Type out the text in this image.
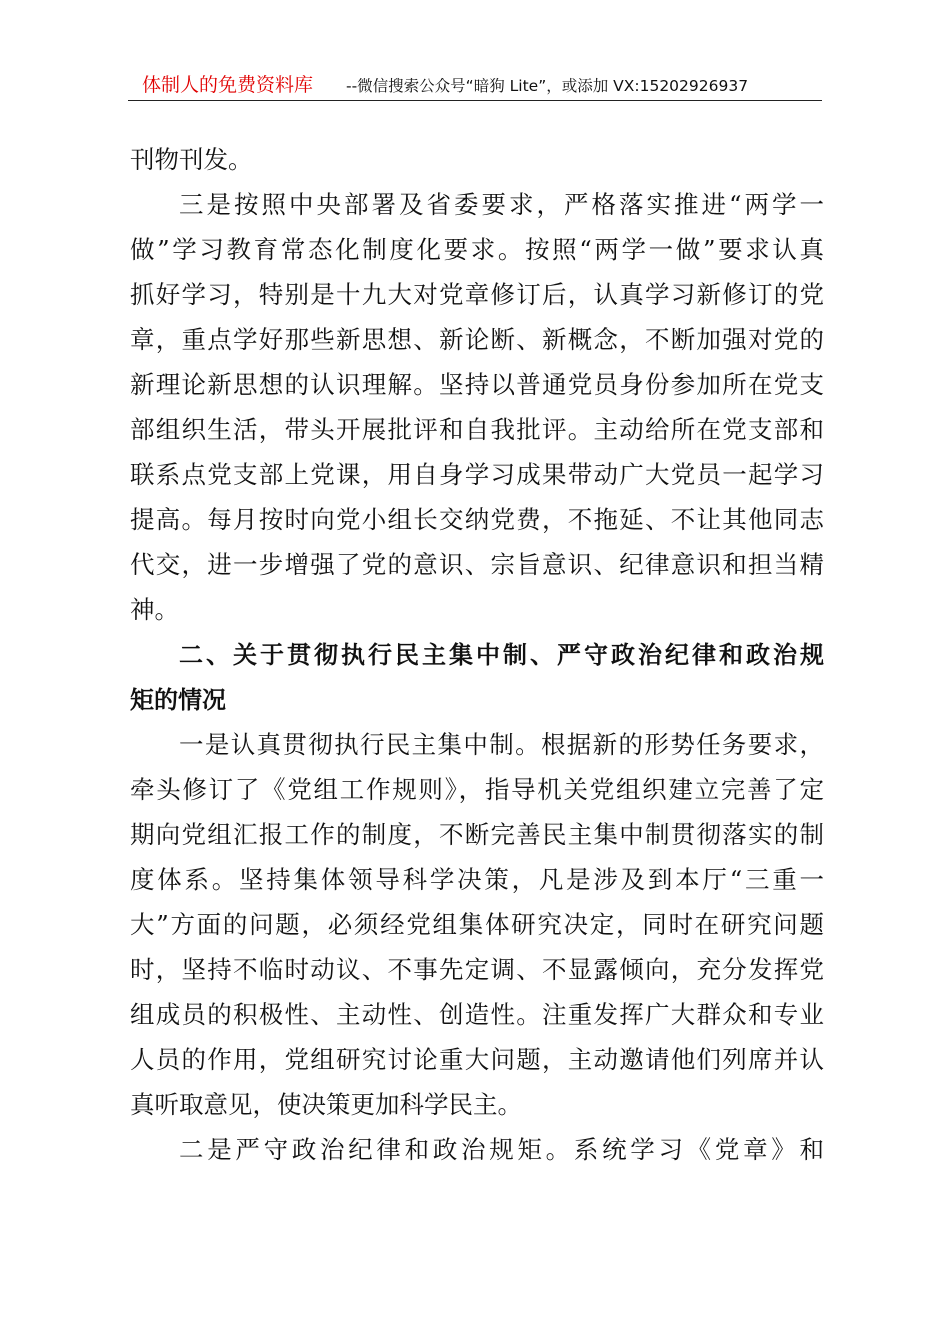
体制人的免费资料库 --微信搜索公众号“暗狗 Lite”，或添加 VX:15202926937
刊物刊发。
三是按照中央部署及省委要求，严格落实推进“两学一
做”学习教育常态化制度化要求。按照“两学一做”要求认真
抓好学习，特别是十九大对党章修订后，认真学习新修订的党
章，重点学好那些新思想、新论断、新概念，不断加强对党的
新理论新思想的认识理解。坚持以普通党员身份参加所在党支
部组织生活，带头开展批评和自我批评。主动给所在党支部和
联系点党支部上党课，用自身学习成果带动广大党员一起学习
提高。每月按时向党小组长交纳党费，不拖延、不让其他同志
代交，进一步增强了党的意识、宗旨意识、纪律意识和担当精
神。
二、关于贯彻执行民主集中制、严守政治纪律和政治规
矩的情况
一是认真贯彻执行民主集中制。根据新的形势任务要求，
牵头修订了《党组工作规则》，指导机关党组织建立完善了定
期向党组汇报工作的制度，不断完善民主集中制贯彻落实的制
度体系。坚持集体领导科学决策，凡是涉及到本厅“三重一
大”方面的问题，必须经党组集体研究决定，同时在研究问题
时，坚持不临时动议、不事先定调、不显露倾向，充分发挥党
组成员的积极性、主动性、创造性。注重发挥广大群众和专业
人员的作用，党组研究讨论重大问题，主动邀请他们列席并认
真听取意见，使决策更加科学民主。
二是严守政治纪律和政治规矩。系统学习《党章》和
